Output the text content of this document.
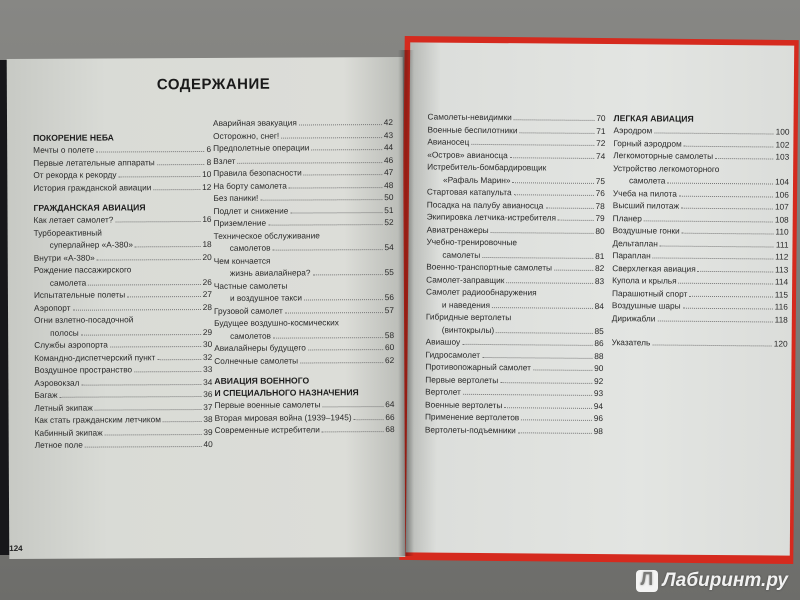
СОДЕРЖАНИЕ
ПОКОРЕНИЕ НЕБА
Мечты о полете	6
Первые летательные аппараты	8
От рекорда к рекорду	10
История гражданской авиации	12
ГРАЖДАНСКАЯ АВИАЦИЯ
Как летает самолет?	16
Турбореактивный
суперлайнер «А-380»	18
Внутри «А-380»	20
Рождение пассажирского
самолета	26
Испытательные полеты	27
Аэропорт	28
Огни взлетно-посадочной
полосы	29
Службы аэропорта	30
Командно-диспетчерский пункт	32
Воздушное пространство	33
Аэровокзал	34
Багаж	36
Летный экипаж	37
Как стать гражданским летчиком	38
Кабинный экипаж	39
Летное поле	40
Аварийная эвакуация	42
Осторожно, снег!	43
Предполетные операции	44
Взлет	46
Правила безопасности	47
На борту самолета	48
Без паники!	50
Подлет и снижение	51
Приземление	52
Техническое обслуживание
самолетов	54
Чем кончается
жизнь авиалайнера?	55
Частные самолеты
и воздушное такси	56
Грузовой самолет	57
Будущее воздушно-космических
самолетов	58
Авиалайнеры будущего	60
Солнечные самолеты	62
АВИАЦИЯ ВОЕННОГО
И СПЕЦИАЛЬНОГО НАЗНАЧЕНИЯ
Первые военные самолеты	64
Вторая мировая война (1939–1945)	66
Современные истребители	68
124
Самолеты-невидимки	70
Военные беспилотники	71
Авианосец	72
«Остров» авианосца	74
Истребитель-бомбардировщик
«Рафаль Марин»	75
Стартовая катапульта	76
Посадка на палубу авианосца	78
Экипировка летчика-истребителя	79
Авиатренажеры	80
Учебно-тренировочные
самолеты	81
Военно-транспортные самолеты	82
Самолет-заправщик	83
Самолет радиообнаружения
и наведения	84
Гибридные вертолеты
(винтокрылы)	85
Авиашоу	86
Гидросамолет	88
Противопожарный самолет	90
Первые вертолеты	92
Вертолет	93
Военные вертолеты	94
Применение вертолетов	96
Вертолеты-подъемники	98
ЛЕГКАЯ АВИАЦИЯ
Аэродром	100
Горный аэродром	102
Легкомоторные самолеты	103
Устройство легкомоторного
самолета	104
Учеба на пилота	106
Высший пилотаж	107
Планер	108
Воздушные гонки	110
Дельтаплан	111
Параплан	112
Сверхлегкая авиация	113
Купола и крылья	114
Парашютный спорт	115
Воздушные шары	116
Дирижабли	118
Указатель	120
Л
Лабиринт.ру
